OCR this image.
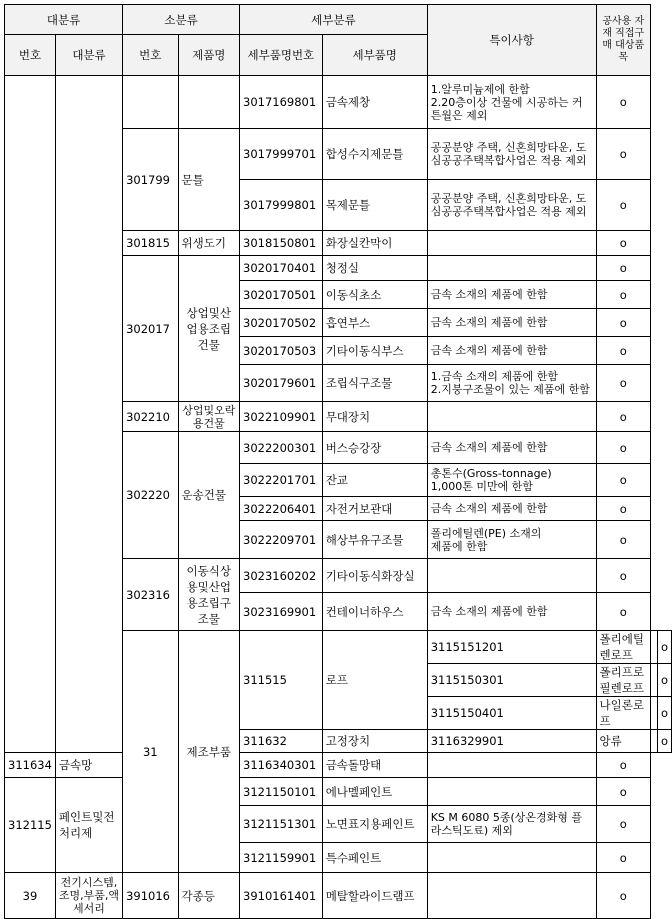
대분류		소분류		세부분류		특이사항	공사용 자재 직접구매 대상품목		
번호	대분류	번호	제품명	세부품명번호	세부품명				
				3017169801	금속제창	1.알루미늄제에 한함
2.20층이상 건물에 시공하는 커튼월은 제외	o		
		301799	문틀	3017999701	합성수지제문틀	공공분양 주택, 신혼희망타운, 도심공공주택복합사업은 적용 제외	o		
				3017999801	목제문틀	공공분양 주택, 신혼희망타운, 도심공공주택복합사업은 적용 제외	o		
		301815	위생도기	3018150801	화장실칸막이		o		
		302017	상업및산업용조립건물	3020170401	청정실		o		
				3020170501	이동식초소	금속 소재의 제품에 한함	o		
				3020170502	흡연부스	금속 소재의 제품에 한함	o		
				3020170503	기타이동식부스	금속 소재의 제품에 한함	o		
				3020179601	조립식구조물	1.금속 소재의 제품에 한함
2.지붕구조물이 있는 제품에 한함	o		
		302210	상업및오락용건물	3022109901	무대장치		o		
		302220	운송건물	3022200301	버스승강장	금속 소재의 제품에 한함	o		
				3022201701	잔교	총톤수(Gross-tonnage)
1,000톤 미만에 한함	o		
				3022206401	자전거보관대	금속 소재의 제품에 한함	o		
				3022209701	해상부유구조물	폴리에틸렌(PE) 소재의
제품에 한함	o		
		302316	이동식상용및산업용조립구조물	3023160202	기타이동식화장실		o		
				3023169901	컨테이너하우스	금속 소재의 제품에 한함	o		
		31	제조부품	311515	로프	3115151201	폴리에틸렌로프		o
						3115150301	폴리프로필렌로프		o
						3115150401	나일론로프		o
				311632	고정장치	3116329901	앙류		o
311634	금속망			3116340301	금속돌망태		o		
312115	페인트및전처리제			3121150101	에나멜페인트		o		
				3121151301	노면표지용페인트	KS M 6080 5종(상온경화형 플라스틱도료) 제외	o		
				3121159901	특수페인트		o		
39	전기시스템,조명,부품,액세서리	391016	각종등	3910161401	메탈할라이드램프		o		
